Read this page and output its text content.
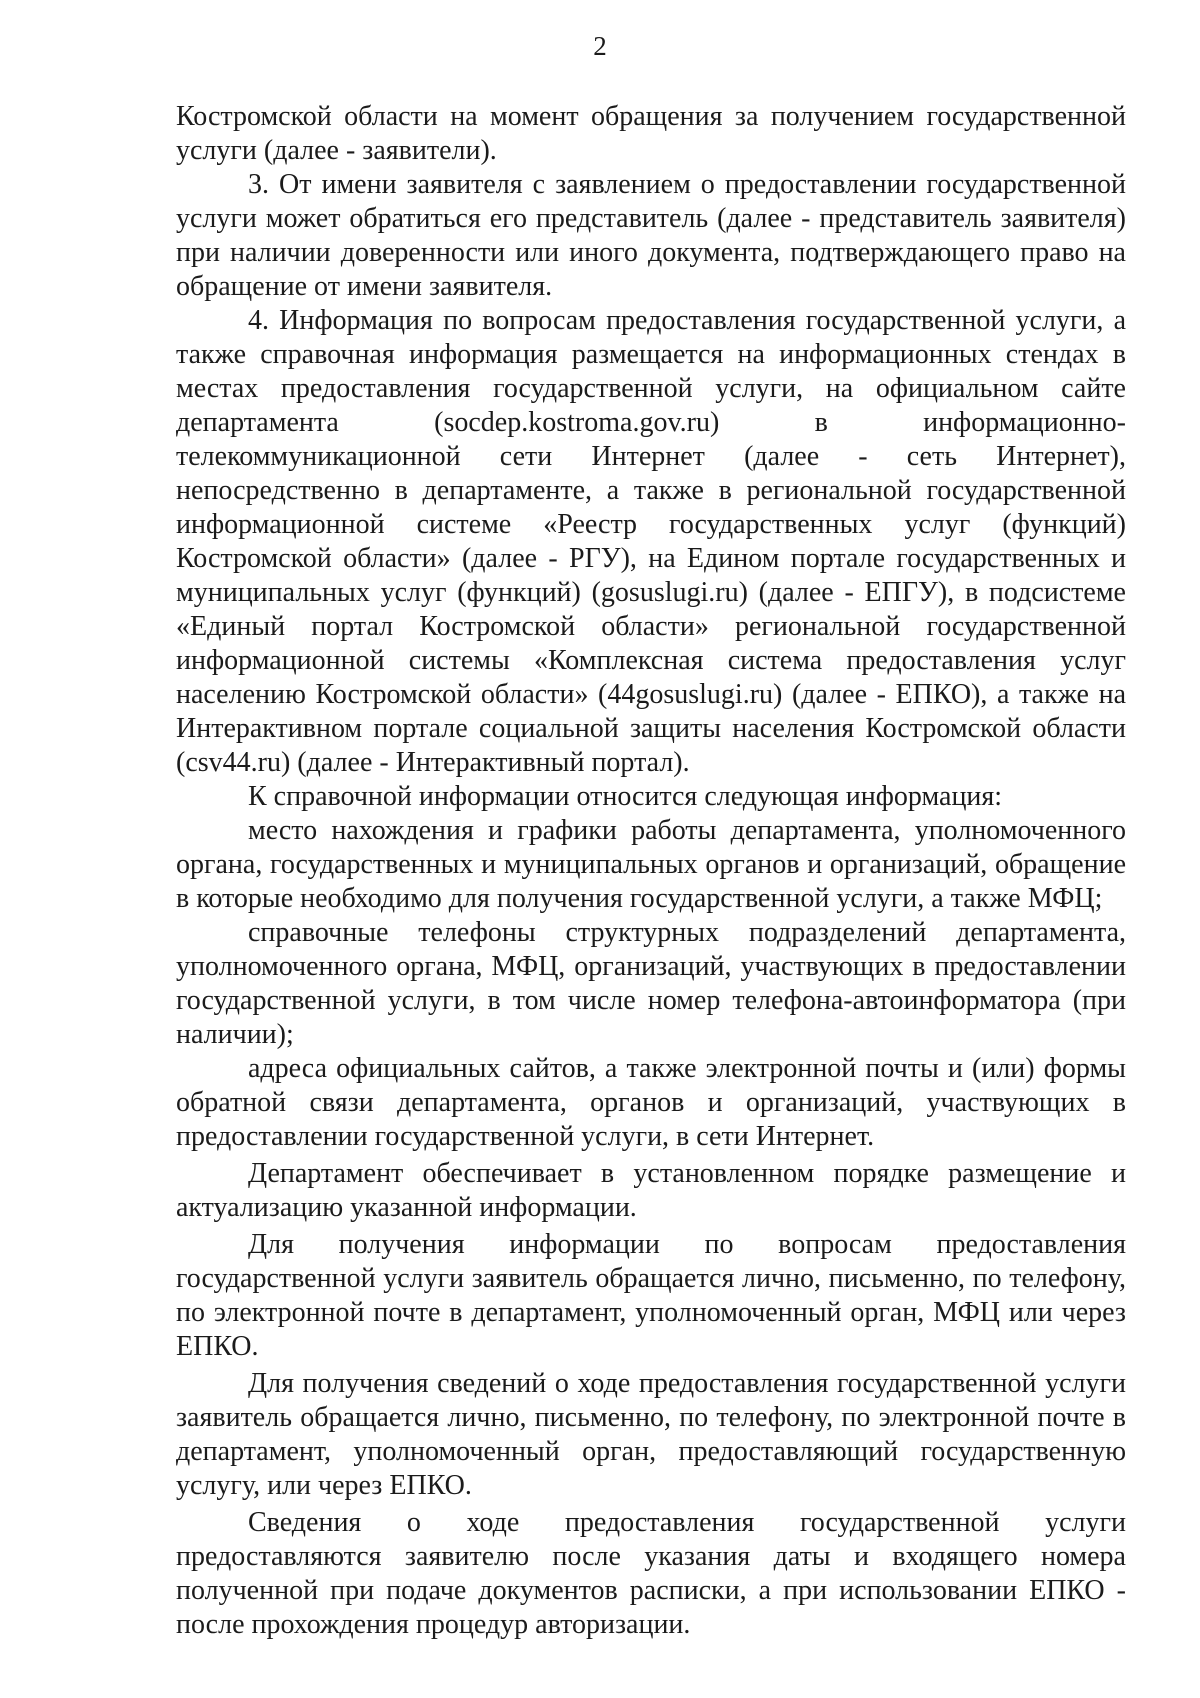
2

Костромской области на момент обращения за получением государственной услуги (далее - заявители).

3. От имени заявителя с заявлением о предоставлении государственной услуги может обратиться его представитель (далее - представитель заявителя) при наличии доверенности или иного документа, подтверждающего право на обращение от имени заявителя.

4. Информация по вопросам предоставления государственной услуги, а также справочная информация размещается на информационных стендах в местах предоставления государственной услуги, на официальном сайте департамента (socdep.kostroma.gov.ru) в информационно-телекоммуникационной сети Интернет (далее - сеть Интернет), непосредственно в департаменте, а также в региональной государственной информационной системе «Реестр государственных услуг (функций) Костромской области» (далее - РГУ), на Едином портале государственных и муниципальных услуг (функций) (gosuslugi.ru) (далее - ЕПГУ), в подсистеме «Единый портал Костромской области» региональной государственной информационной системы «Комплексная система предоставления услуг населению Костромской области» (44gosuslugi.ru) (далее - ЕПКО), а также на Интерактивном портале социальной защиты населения Костромской области (csv44.ru) (далее - Интерактивный портал).

К справочной информации относится следующая информация:

место нахождения и графики работы департамента, уполномоченного органа, государственных и муниципальных органов и организаций, обращение в которые необходимо для получения государственной услуги, а также МФЦ;

справочные телефоны структурных подразделений департамента, уполномоченного органа, МФЦ, организаций, участвующих в предоставлении государственной услуги, в том числе номер телефона-автоинформатора (при наличии);

адреса официальных сайтов, а также электронной почты и (или) формы обратной связи департамента, органов и организаций, участвующих в предоставлении государственной услуги, в сети Интернет.

Департамент обеспечивает в установленном порядке размещение и актуализацию указанной информации.

Для получения информации по вопросам предоставления государственной услуги заявитель обращается лично, письменно, по телефону, по электронной почте в департамент, уполномоченный орган, МФЦ или через ЕПКО.

Для получения сведений о ходе предоставления государственной услуги заявитель обращается лично, письменно, по телефону, по электронной почте в департамент, уполномоченный орган, предоставляющий государственную услугу, или через ЕПКО.

Сведения о ходе предоставления государственной услуги предоставляются заявителю после указания даты и входящего номера полученной при подаче документов расписки, а при использовании ЕПКО - после прохождения процедур авторизации.
